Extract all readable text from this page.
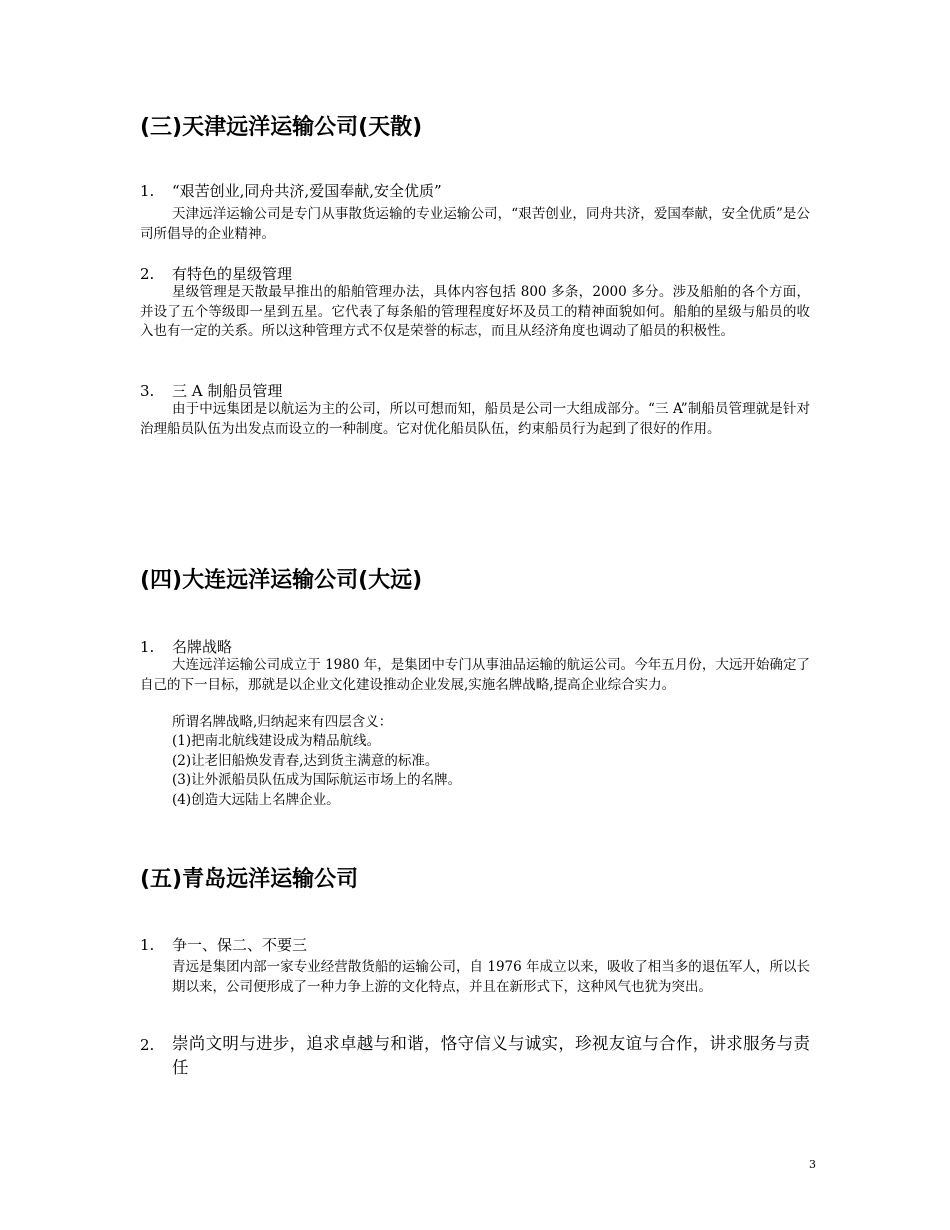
(三)天津远洋运输公司(天散)
1.	“艰苦创业,同舟共济,爱国奉献,安全优质”

天津远洋运输公司是专门从事散货运输的专业运输公司，“艰苦创业，同舟共济，爱国奉献，安全优质”是公司所倡导的企业精神。

2.	有特色的星级管理

星级管理是天散最早推出的船舶管理办法，具体内容包括 800 多条，2000 多分。涉及船舶的各个方面，并设了五个等级即一星到五星。它代表了每条船的管理程度好坏及员工的精神面貌如何。船舶的星级与船员的收入也有一定的关系。所以这种管理方式不仅是荣誉的标志，而且从经济角度也调动了船员的积极性。

3.	三 A 制船员管理

由于中远集团是以航运为主的公司，所以可想而知，船员是公司一大组成部分。“三 A”制船员管理就是针对治理船员队伍为出发点而设立的一种制度。它对优化船员队伍，约束船员行为起到了很好的作用。

(四)大连远洋运输公司(大远)
1.	名牌战略

大连远洋运输公司成立于 1980 年，是集团中专门从事油品运输的航运公司。今年五月份，大远开始确定了自己的下一目标，那就是以企业文化建设推动企业发展,实施名牌战略,提高企业综合实力。

所谓名牌战略,归纳起来有四层含义：
(1)把南北航线建设成为精品航线。
(2)让老旧船焕发青春,达到货主满意的标准。
(3)让外派船员队伍成为国际航运市场上的名牌。
(4)创造大远陆上名牌企业。
(五)青岛远洋运输公司
1.	争一、保二、不要三

青远是集团内部一家专业经营散货船的运输公司，自 1976 年成立以来，吸收了相当多的退伍军人，所以长期以来，公司便形成了一种力争上游的文化特点，并且在新形式下，这种风气也犹为突出。

2.	崇尚文明与进步，追求卓越与和谐，恪守信义与诚实，珍视友谊与合作，讲求服务与责任

3
